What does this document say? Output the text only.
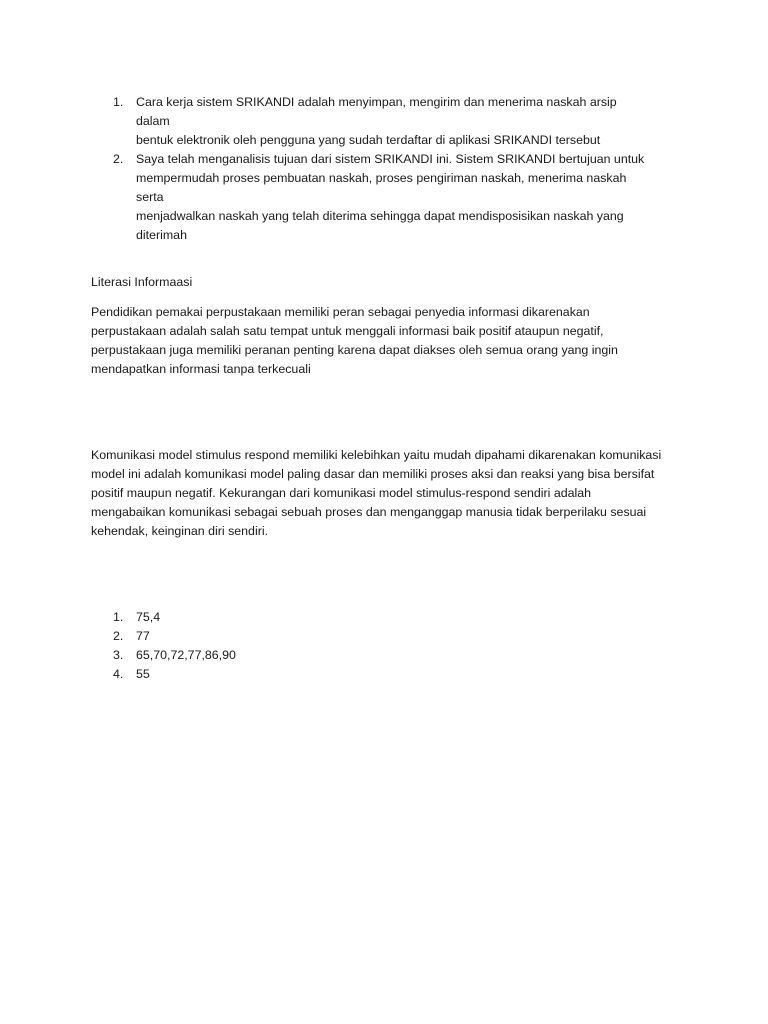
1. Cara kerja sistem SRIKANDI adalah menyimpan, mengirim dan menerima naskah arsip dalam
bentuk elektronik oleh pengguna yang sudah terdaftar di aplikasi SRIKANDI tersebut
2. Saya telah menganalisis tujuan dari sistem SRIKANDI ini. Sistem SRIKANDI bertujuan untuk
mempermudah proses pembuatan naskah, proses pengiriman naskah, menerima naskah serta
menjadwalkan naskah yang telah diterima sehingga dapat mendisposisikan naskah yang
diterimah
Literasi Informaasi
Pendidikan pemakai perpustakaan memiliki peran sebagai penyedia informasi dikarenakan
perpustakaan adalah salah satu tempat untuk menggali informasi baik positif ataupun negatif,
perpustakaan juga memiliki peranan penting karena dapat diakses oleh semua orang yang ingin
mendapatkan informasi tanpa terkecuali
Komunikasi model stimulus respond memiliki kelebihkan yaitu mudah dipahami dikarenakan komunikasi
model ini adalah komunikasi model paling dasar dan memiliki proses aksi dan reaksi yang bisa bersifat
positif maupun negatif. Kekurangan dari komunikasi model stimulus-respond sendiri adalah
mengabaikan komunikasi sebagai sebuah proses dan menganggap manusia tidak berperilaku sesuai
kehendak, keinginan diri sendiri.
1. 75,4
2. 77
3. 65,70,72,77,86,90
4. 55
